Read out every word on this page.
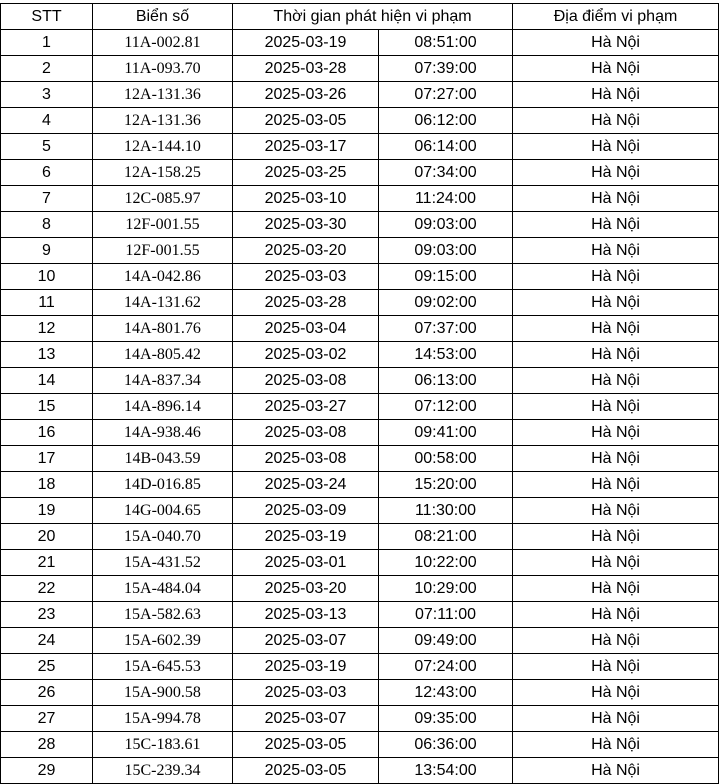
STT	Biển số	Thời gian phát hiện vi phạm		Địa điểm vi phạm
1	11A-002.81	2025-03-19	08:51:00	Hà Nội
2	11A-093.70	2025-03-28	07:39:00	Hà Nội
3	12A-131.36	2025-03-26	07:27:00	Hà Nội
4	12A-131.36	2025-03-05	06:12:00	Hà Nội
5	12A-144.10	2025-03-17	06:14:00	Hà Nội
6	12A-158.25	2025-03-25	07:34:00	Hà Nội
7	12C-085.97	2025-03-10	11:24:00	Hà Nội
8	12F-001.55	2025-03-30	09:03:00	Hà Nội
9	12F-001.55	2025-03-20	09:03:00	Hà Nội
10	14A-042.86	2025-03-03	09:15:00	Hà Nội
11	14A-131.62	2025-03-28	09:02:00	Hà Nội
12	14A-801.76	2025-03-04	07:37:00	Hà Nội
13	14A-805.42	2025-03-02	14:53:00	Hà Nội
14	14A-837.34	2025-03-08	06:13:00	Hà Nội
15	14A-896.14	2025-03-27	07:12:00	Hà Nội
16	14A-938.46	2025-03-08	09:41:00	Hà Nội
17	14B-043.59	2025-03-08	00:58:00	Hà Nội
18	14D-016.85	2025-03-24	15:20:00	Hà Nội
19	14G-004.65	2025-03-09	11:30:00	Hà Nội
20	15A-040.70	2025-03-19	08:21:00	Hà Nội
21	15A-431.52	2025-03-01	10:22:00	Hà Nội
22	15A-484.04	2025-03-20	10:29:00	Hà Nội
23	15A-582.63	2025-03-13	07:11:00	Hà Nội
24	15A-602.39	2025-03-07	09:49:00	Hà Nội
25	15A-645.53	2025-03-19	07:24:00	Hà Nội
26	15A-900.58	2025-03-03	12:43:00	Hà Nội
27	15A-994.78	2025-03-07	09:35:00	Hà Nội
28	15C-183.61	2025-03-05	06:36:00	Hà Nội
29	15C-239.34	2025-03-05	13:54:00	Hà Nội
